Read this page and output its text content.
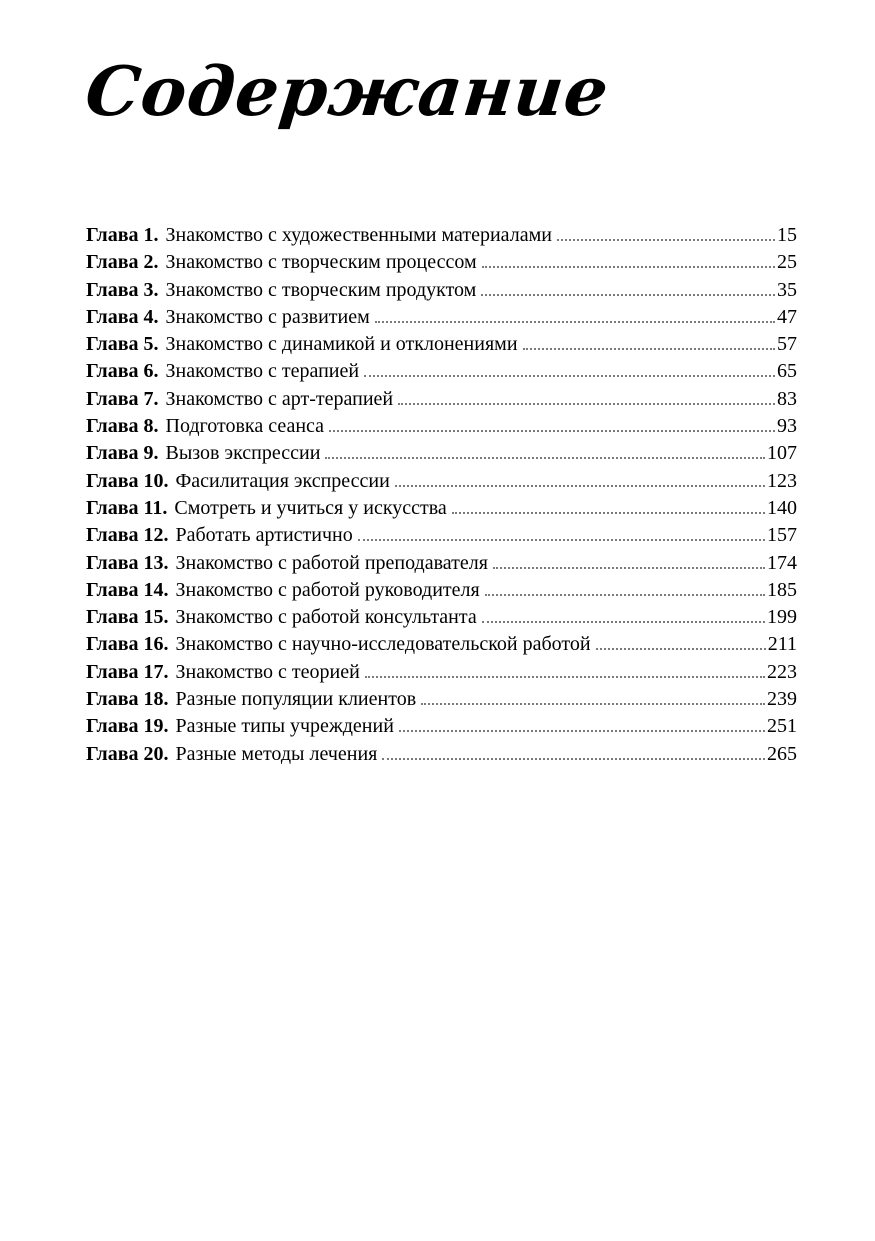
Содержание
Глава 1. Знакомство с художественными материалами	15
Глава 2. Знакомство с творческим процессом	25
Глава 3. Знакомство с творческим продуктом	35
Глава 4. Знакомство с развитием	47
Глава 5. Знакомство с динамикой и отклонениями	57
Глава 6. Знакомство с терапией	65
Глава 7. Знакомство с арт-терапией	83
Глава 8. Подготовка сеанса	93
Глава 9. Вызов экспрессии	107
Глава 10. Фасилитация экспрессии	123
Глава 11. Смотреть и учиться у искусства	140
Глава 12. Работать артистично	157
Глава 13. Знакомство с работой преподавателя	174
Глава 14. Знакомство с работой руководителя	185
Глава 15. Знакомство с работой консультанта	199
Глава 16. Знакомство с научно-исследовательской работой	211
Глава 17. Знакомство с теорией	223
Глава 18. Разные популяции клиентов	239
Глава 19. Разные типы учреждений	251
Глава 20. Разные методы лечения	265
